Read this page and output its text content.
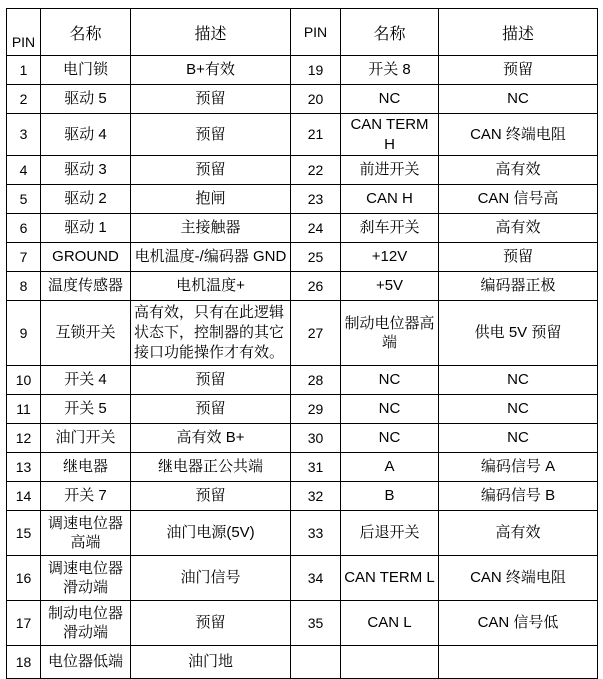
PIN	名称	描述	PIN	名称	描述
1	电门锁	B+有效	19	开关 8	预留
2	驱动 5	预留	20	NC	NC
3	驱动 4	预留	21	CAN TERM H	CAN 终端电阻
4	驱动 3	预留	22	前进开关	高有效
5	驱动 2	抱闸	23	CAN H	CAN 信号高
6	驱动 1	主接触器	24	刹车开关	高有效
7	GROUND	电机温度-/编码器 GND	25	+12V	预留
8	温度传感器	电机温度+	26	+5V	编码器正极
9	互锁开关	高有效，只有在此逻辑状态下，控制器的其它接口功能操作才有效。	27	制动电位器高端	供电 5V 预留
10	开关 4	预留	28	NC	NC
11	开关 5	预留	29	NC	NC
12	油门开关	高有效 B+	30	NC	NC
13	继电器	继电器正公共端	31	A	编码信号 A
14	开关 7	预留	32	B	编码信号 B
15	调速电位器高端	油门电源(5V)	33	后退开关	高有效
16	调速电位器滑动端	油门信号	34	CAN TERM L	CAN 终端电阻
17	制动电位器滑动端	预留	35	CAN L	CAN 信号低
18	电位器低端	油门地			
